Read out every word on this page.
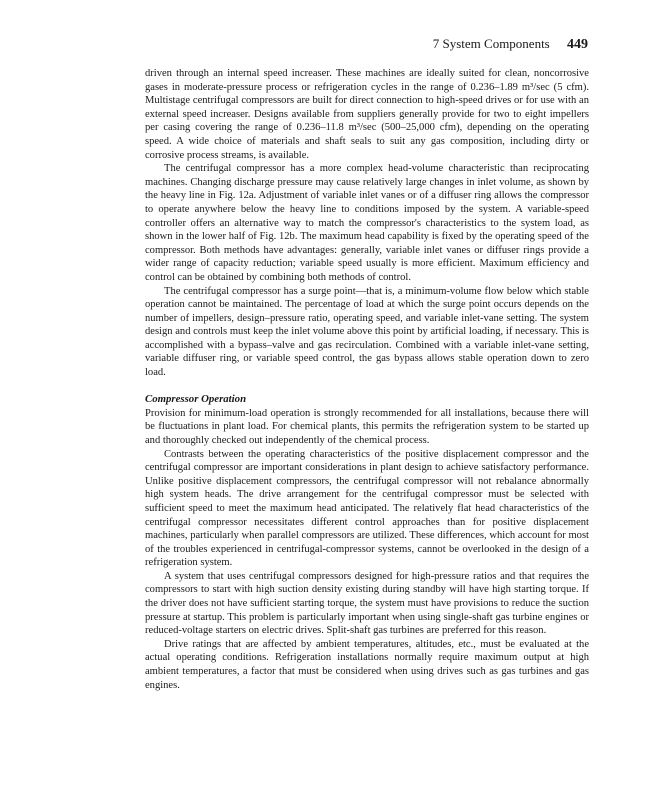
7 System Components 449

driven through an internal speed increaser. These machines are ideally suited for clean, noncorrosive gases in moderate-pressure process or refrigeration cycles in the range of 0.236–1.89 m³/sec (5 cfm). Multistage centrifugal compressors are built for direct connection to high-speed drives or for use with an external speed increaser. Designs available from suppliers generally provide for two to eight impellers per casing covering the range of 0.236–11.8 m³/sec (500–25,000 cfm), depending on the operating speed. A wide choice of materials and shaft seals to suit any gas composition, including dirty or corrosive process streams, is available.

The centrifugal compressor has a more complex head-volume characteristic than reciprocating machines. Changing discharge pressure may cause relatively large changes in inlet volume, as shown by the heavy line in Fig. 12a. Adjustment of variable inlet vanes or of a diffuser ring allows the compressor to operate anywhere below the heavy line to conditions imposed by the system. A variable-speed controller offers an alternative way to match the compressor's characteristics to the system load, as shown in the lower half of Fig. 12b. The maximum head capability is fixed by the operating speed of the compressor. Both methods have advantages: generally, variable inlet vanes or diffuser rings provide a wider range of capacity reduction; variable speed usually is more efficient. Maximum efficiency and control can be obtained by combining both methods of control.

The centrifugal compressor has a surge point—that is, a minimum-volume flow below which stable operation cannot be maintained. The percentage of load at which the surge point occurs depends on the number of impellers, design–pressure ratio, operating speed, and variable inlet-vane setting. The system design and controls must keep the inlet volume above this point by artificial loading, if necessary. This is accomplished with a bypass–valve and gas recirculation. Combined with a variable inlet-vane setting, variable diffuser ring, or variable speed control, the gas bypass allows stable operation down to zero load.

Compressor Operation

Provision for minimum-load operation is strongly recommended for all installations, because there will be fluctuations in plant load. For chemical plants, this permits the refrigeration system to be started up and thoroughly checked out independently of the chemical process.

Contrasts between the operating characteristics of the positive displacement compressor and the centrifugal compressor are important considerations in plant design to achieve satisfactory performance. Unlike positive displacement compressors, the centrifugal compressor will not rebalance abnormally high system heads. The drive arrangement for the centrifugal compressor must be selected with sufficient speed to meet the maximum head anticipated. The relatively flat head characteristics of the centrifugal compressor necessitates different control approaches than for positive displacement machines, particularly when parallel compressors are utilized. These differences, which account for most of the troubles experienced in centrifugal-compressor systems, cannot be overlooked in the design of a refrigeration system.

A system that uses centrifugal compressors designed for high-pressure ratios and that requires the compressors to start with high suction density existing during standby will have high starting torque. If the driver does not have sufficient starting torque, the system must have provisions to reduce the suction pressure at startup. This problem is particularly important when using single-shaft gas turbine engines or reduced-voltage starters on electric drives. Split-shaft gas turbines are preferred for this reason.

Drive ratings that are affected by ambient temperatures, altitudes, etc., must be evaluated at the actual operating conditions. Refrigeration installations normally require maximum output at high ambient temperatures, a factor that must be considered when using drives such as gas turbines and gas engines.
